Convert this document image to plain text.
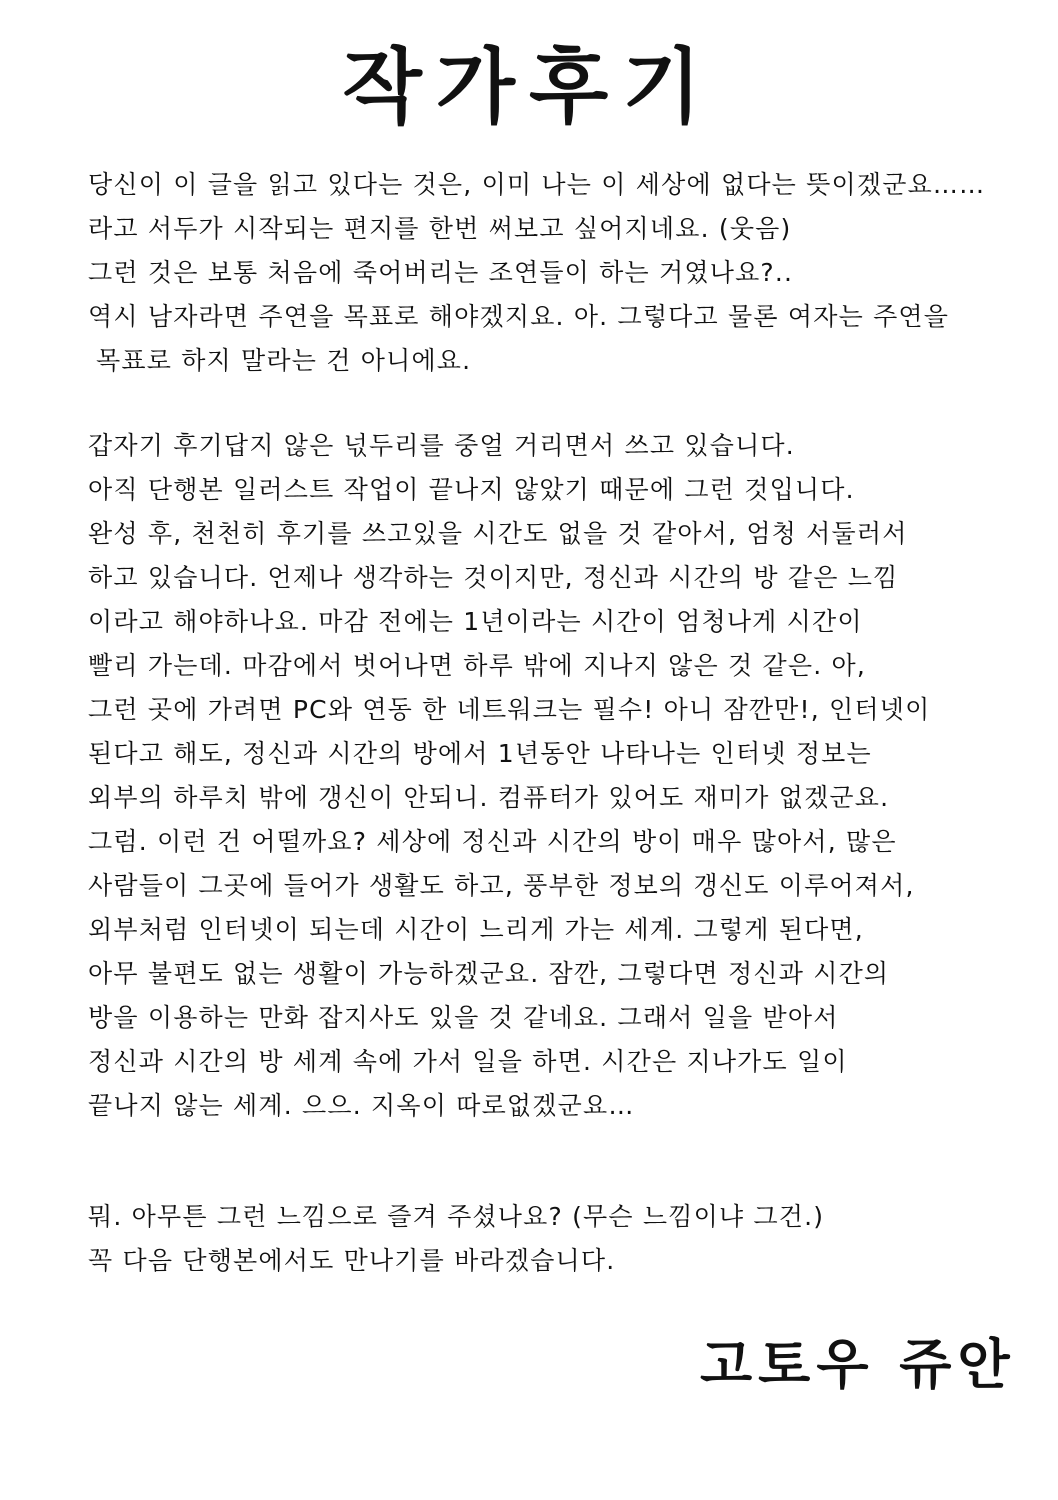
작가후기
당신이 이 글을 읽고 있다는 것은, 이미 나는 이 세상에 없다는 뜻이겠군요……
라고 서두가 시작되는 편지를 한번 써보고 싶어지네요. (웃음)
그런 것은 보통 처음에 죽어버리는 조연들이 하는 거였나요?..
역시 남자라면 주연을 목표로 해야겠지요. 아. 그렇다고 물론 여자는 주연을
목표로 하지 말라는 건 아니에요.
갑자기 후기답지 않은 넋두리를 중얼 거리면서 쓰고 있습니다.
아직 단행본 일러스트 작업이 끝나지 않았기 때문에 그런 것입니다.
완성 후, 천천히 후기를 쓰고있을 시간도 없을 것 같아서, 엄청 서둘러서
하고 있습니다. 언제나 생각하는 것이지만, 정신과 시간의 방 같은 느낌
이라고 해야하나요. 마감 전에는 1년이라는 시간이 엄청나게 시간이
빨리 가는데. 마감에서 벗어나면 하루 밖에 지나지 않은 것 같은. 아,
그런 곳에 가려면 PC와 연동 한 네트워크는 필수! 아니 잠깐만!, 인터넷이
된다고 해도, 정신과 시간의 방에서 1년동안 나타나는 인터넷 정보는
외부의 하루치 밖에 갱신이 안되니. 컴퓨터가 있어도 재미가 없겠군요.
그럼. 이런 건 어떨까요? 세상에 정신과 시간의 방이 매우 많아서, 많은
사람들이 그곳에 들어가 생활도 하고, 풍부한 정보의 갱신도 이루어져서,
외부처럼 인터넷이 되는데 시간이 느리게 가는 세계. 그렇게 된다면,
아무 불편도 없는 생활이 가능하겠군요. 잠깐, 그렇다면 정신과 시간의
방을 이용하는 만화 잡지사도 있을 것 같네요. 그래서 일을 받아서
정신과 시간의 방 세계 속에 가서 일을 하면. 시간은 지나가도 일이
끝나지 않는 세계. 으으. 지옥이 따로없겠군요…
뭐. 아무튼 그런 느낌으로 즐겨 주셨나요? (무슨 느낌이냐 그건.)
꼭 다음 단행본에서도 만나기를 바라겠습니다.
고토우 쥬안
